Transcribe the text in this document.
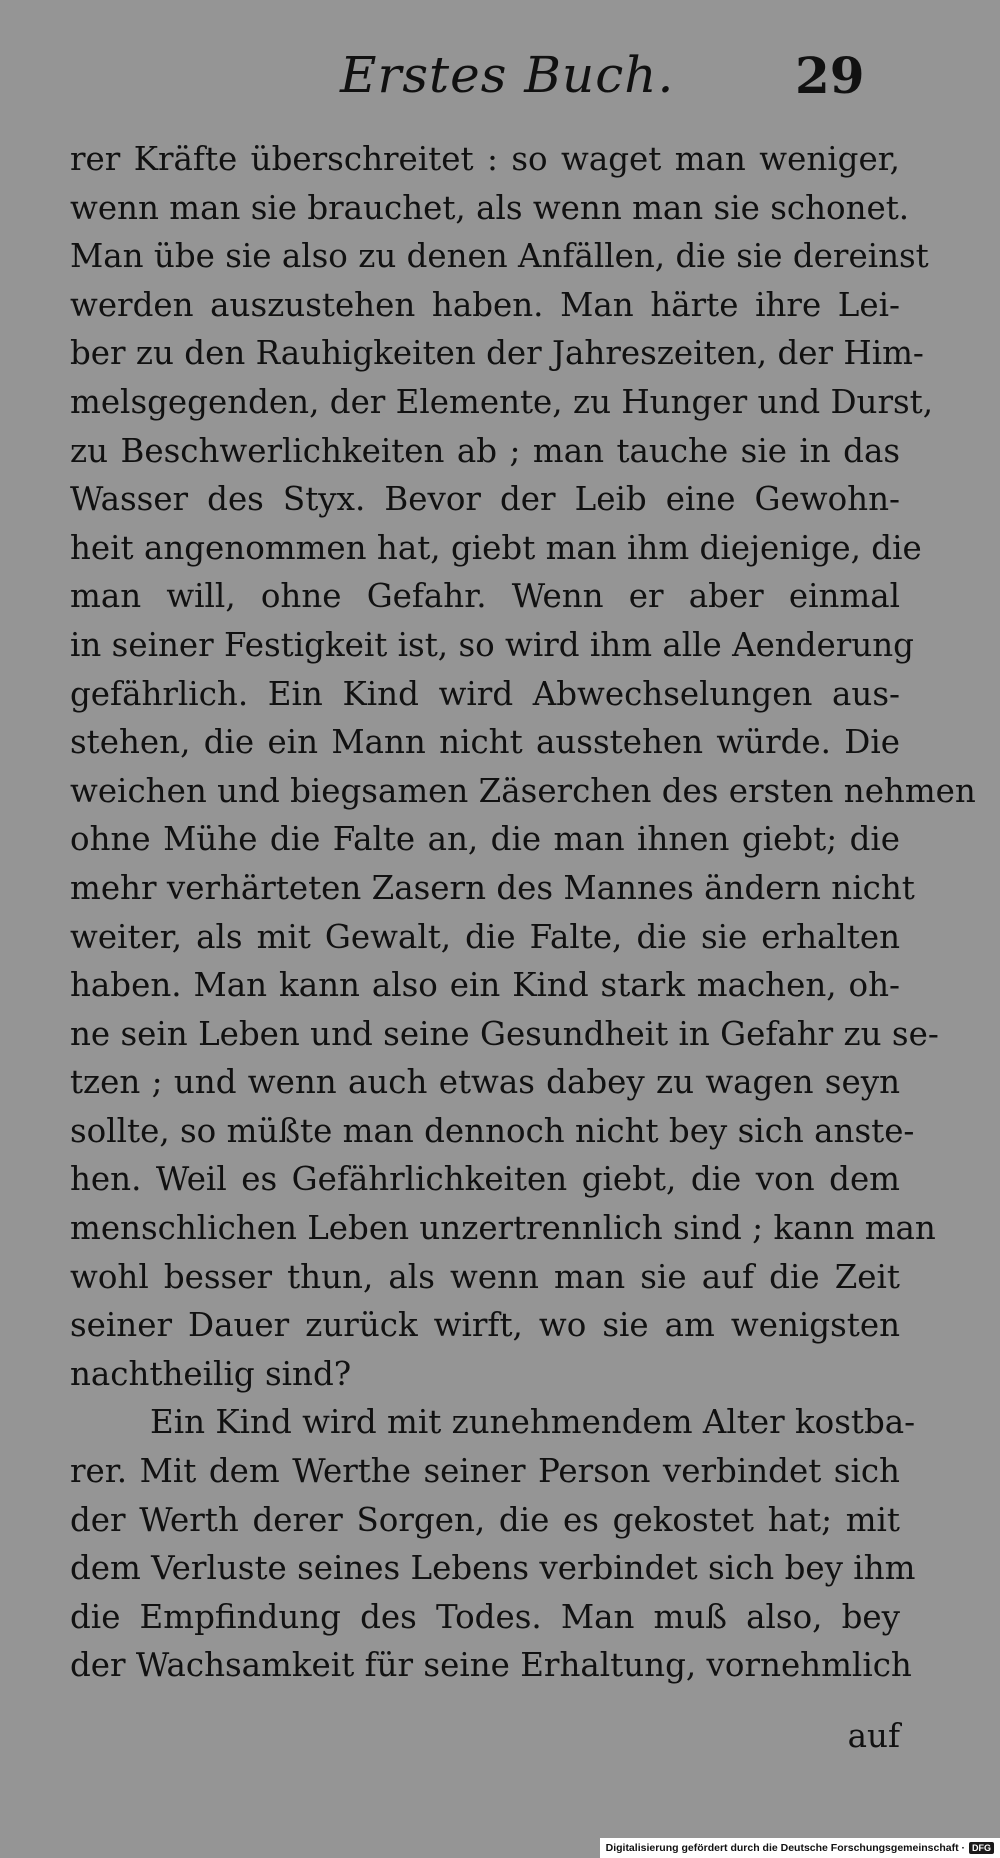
Erstes Buch. 29
rer Kräfte überschreitet : so waget man weniger,
wenn man sie brauchet, als wenn man sie schonet.
Man übe sie also zu denen Anfällen, die sie dereinst
werden auszustehen haben. Man härte ihre Lei-
ber zu den Rauhigkeiten der Jahreszeiten, der Him-
melsgegenden, der Elemente, zu Hunger und Durst,
zu Beschwerlichkeiten ab ; man tauche sie in das
Wasser des Styx. Bevor der Leib eine Gewohn-
heit angenommen hat, giebt man ihm diejenige, die
man will, ohne Gefahr. Wenn er aber einmal
in seiner Festigkeit ist, so wird ihm alle Aenderung
gefährlich. Ein Kind wird Abwechselungen aus-
stehen, die ein Mann nicht ausstehen würde. Die
weichen und biegsamen Zäserchen des ersten nehmen
ohne Mühe die Falte an, die man ihnen giebt; die
mehr verhärteten Zasern des Mannes ändern nicht
weiter, als mit Gewalt, die Falte, die sie erhalten
haben. Man kann also ein Kind stark machen, oh-
ne sein Leben und seine Gesundheit in Gefahr zu se-
tzen ; und wenn auch etwas dabey zu wagen seyn
sollte, so müßte man dennoch nicht bey sich anste-
hen. Weil es Gefährlichkeiten giebt, die von dem
menschlichen Leben unzertrennlich sind ; kann man
wohl besser thun, als wenn man sie auf die Zeit
seiner Dauer zurück wirft, wo sie am wenigsten
nachtheilig sind?
Ein Kind wird mit zunehmendem Alter kostba-
rer. Mit dem Werthe seiner Person verbindet sich
der Werth derer Sorgen, die es gekostet hat; mit
dem Verluste seines Lebens verbindet sich bey ihm
die Empfindung des Todes. Man muß also, bey
der Wachsamkeit für seine Erhaltung, vornehmlich
auf
Digitalisierung gefördert durch die Deutsche Forschungsgemeinschaft · DFG
